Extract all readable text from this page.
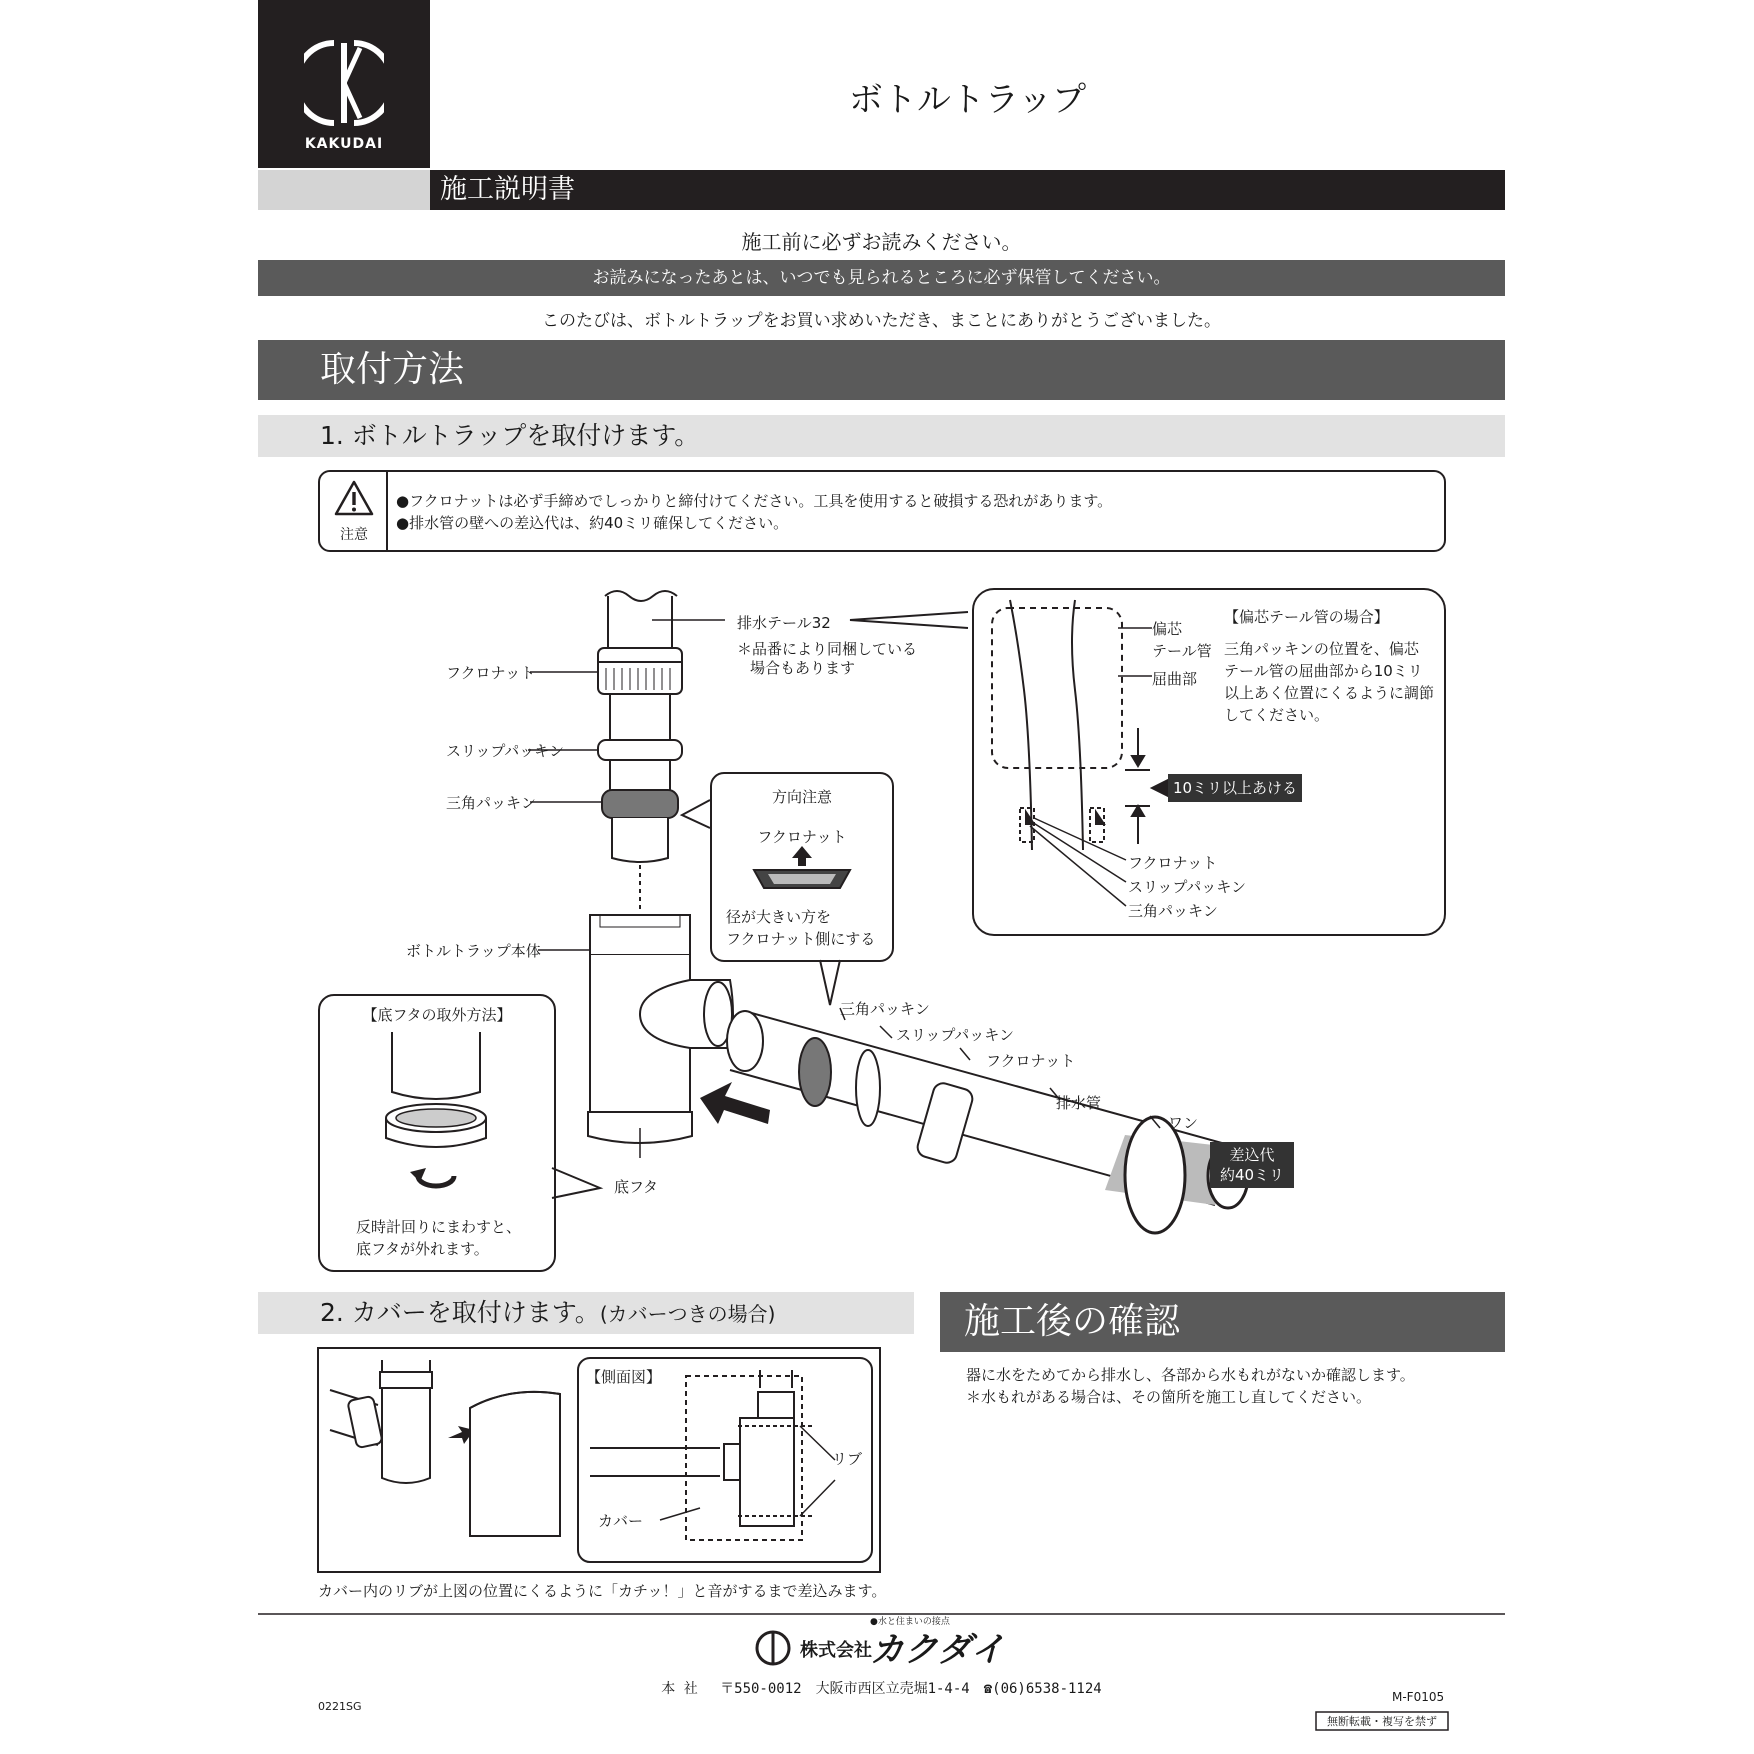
KAKUDAI
ボトルトラップ
施工説明書
施工前に必ずお読みください。
お読みになったあとは、いつでも見られるところに必ず保管してください。
このたびは、ボトルトラップをお買い求めいただき、まことにありがとうございました。
取付方法
1. ボトルトラップを取付けます。
注意
●フクロナットは必ず手締めでしっかりと締付けてください。工具を使用すると破損する恐れがあります。
●排水管の壁への差込代は、約40ミリ確保してください。
方向注意
フクロナット
径が大きい方を
フクロナット側にする
排水テール32
＊品番により同梱している
場合もあります
フクロナット
スリップパッキン
三角パッキン
ボトルトラップ本体
底フタ
三角パッキン
スリップパッキン
フクロナット
排水管
ワン
差込代
約40ミリ
偏芯
テール管
屈曲部
【偏芯テール管の場合】
三角パッキンの位置を、偏芯
テール管の屈曲部から10ミリ
以上あく位置にくるように調節
してください。
10ミリ以上あける
フクロナット
スリップパッキン
三角パッキン
【底フタの取外方法】
反時計回りにまわすと、
底フタが外れます。
2. カバーを取付けます。(カバーつきの場合)
【側面図】
リブ
カバー
カバー内のリブが上図の位置にくるように「カチッ！」と音がするまで差込みます。
施工後の確認
器に水をためてから排水し、各部から水もれがないか確認します。
＊水もれがある場合は、その箇所を施工し直してください。
●水と住まいの接点
株式会社
カクダイ
本 社　 〒550-0012　大阪市西区立売堀1-4-4　☎(06)6538-1124	M-F0105
0221SG
無断転載・複写を禁ず
